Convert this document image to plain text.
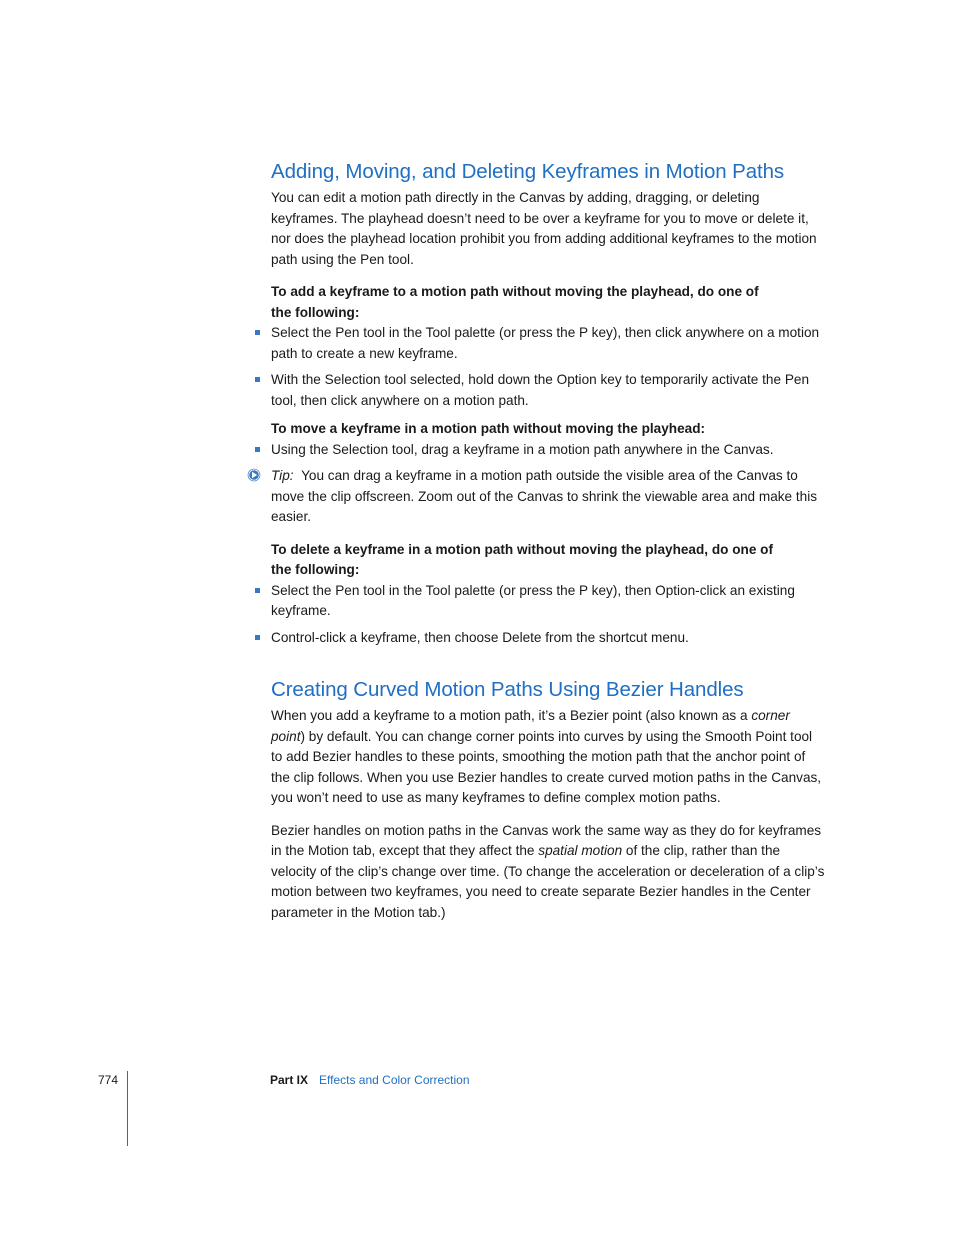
Adding, Moving, and Deleting Keyframes in Motion Paths

You can edit a motion path directly in the Canvas by adding, dragging, or deleting keyframes. The playhead doesn’t need to be over a keyframe for you to move or delete it, nor does the playhead location prohibit you from adding additional keyframes to the motion path using the Pen tool.

To add a keyframe to a motion path without moving the playhead, do one of the following:

Select the Pen tool in the Tool palette (or press the P key), then click anywhere on a motion path to create a new keyframe.
With the Selection tool selected, hold down the Option key to temporarily activate the Pen tool, then click anywhere on a motion path.

To move a keyframe in a motion path without moving the playhead:

Using the Selection tool, drag a keyframe in a motion path anywhere in the Canvas.
Tip: You can drag a keyframe in a motion path outside the visible area of the Canvas to move the clip offscreen. Zoom out of the Canvas to shrink the viewable area and make this easier.

To delete a keyframe in a motion path without moving the playhead, do one of the following:

Select the Pen tool in the Tool palette (or press the P key), then Option-click an existing keyframe.
Control-click a keyframe, then choose Delete from the shortcut menu.
Creating Curved Motion Paths Using Bezier Handles

When you add a keyframe to a motion path, it’s a Bezier point (also known as a corner point) by default. You can change corner points into curves by using the Smooth Point tool to add Bezier handles to these points, smoothing the motion path that the anchor point of the clip follows. When you use Bezier handles to create curved motion paths in the Canvas, you won’t need to use as many keyframes to define complex motion paths.

Bezier handles on motion paths in the Canvas work the same way as they do for keyframes in the Motion tab, except that they affect the spatial motion of the clip, rather than the velocity of the clip’s change over time. (To change the acceleration or deceleration of a clip’s motion between two keyframes, you need to create separate Bezier handles in the Center parameter in the Motion tab.)

774	Part IX Effects and Color Correction
